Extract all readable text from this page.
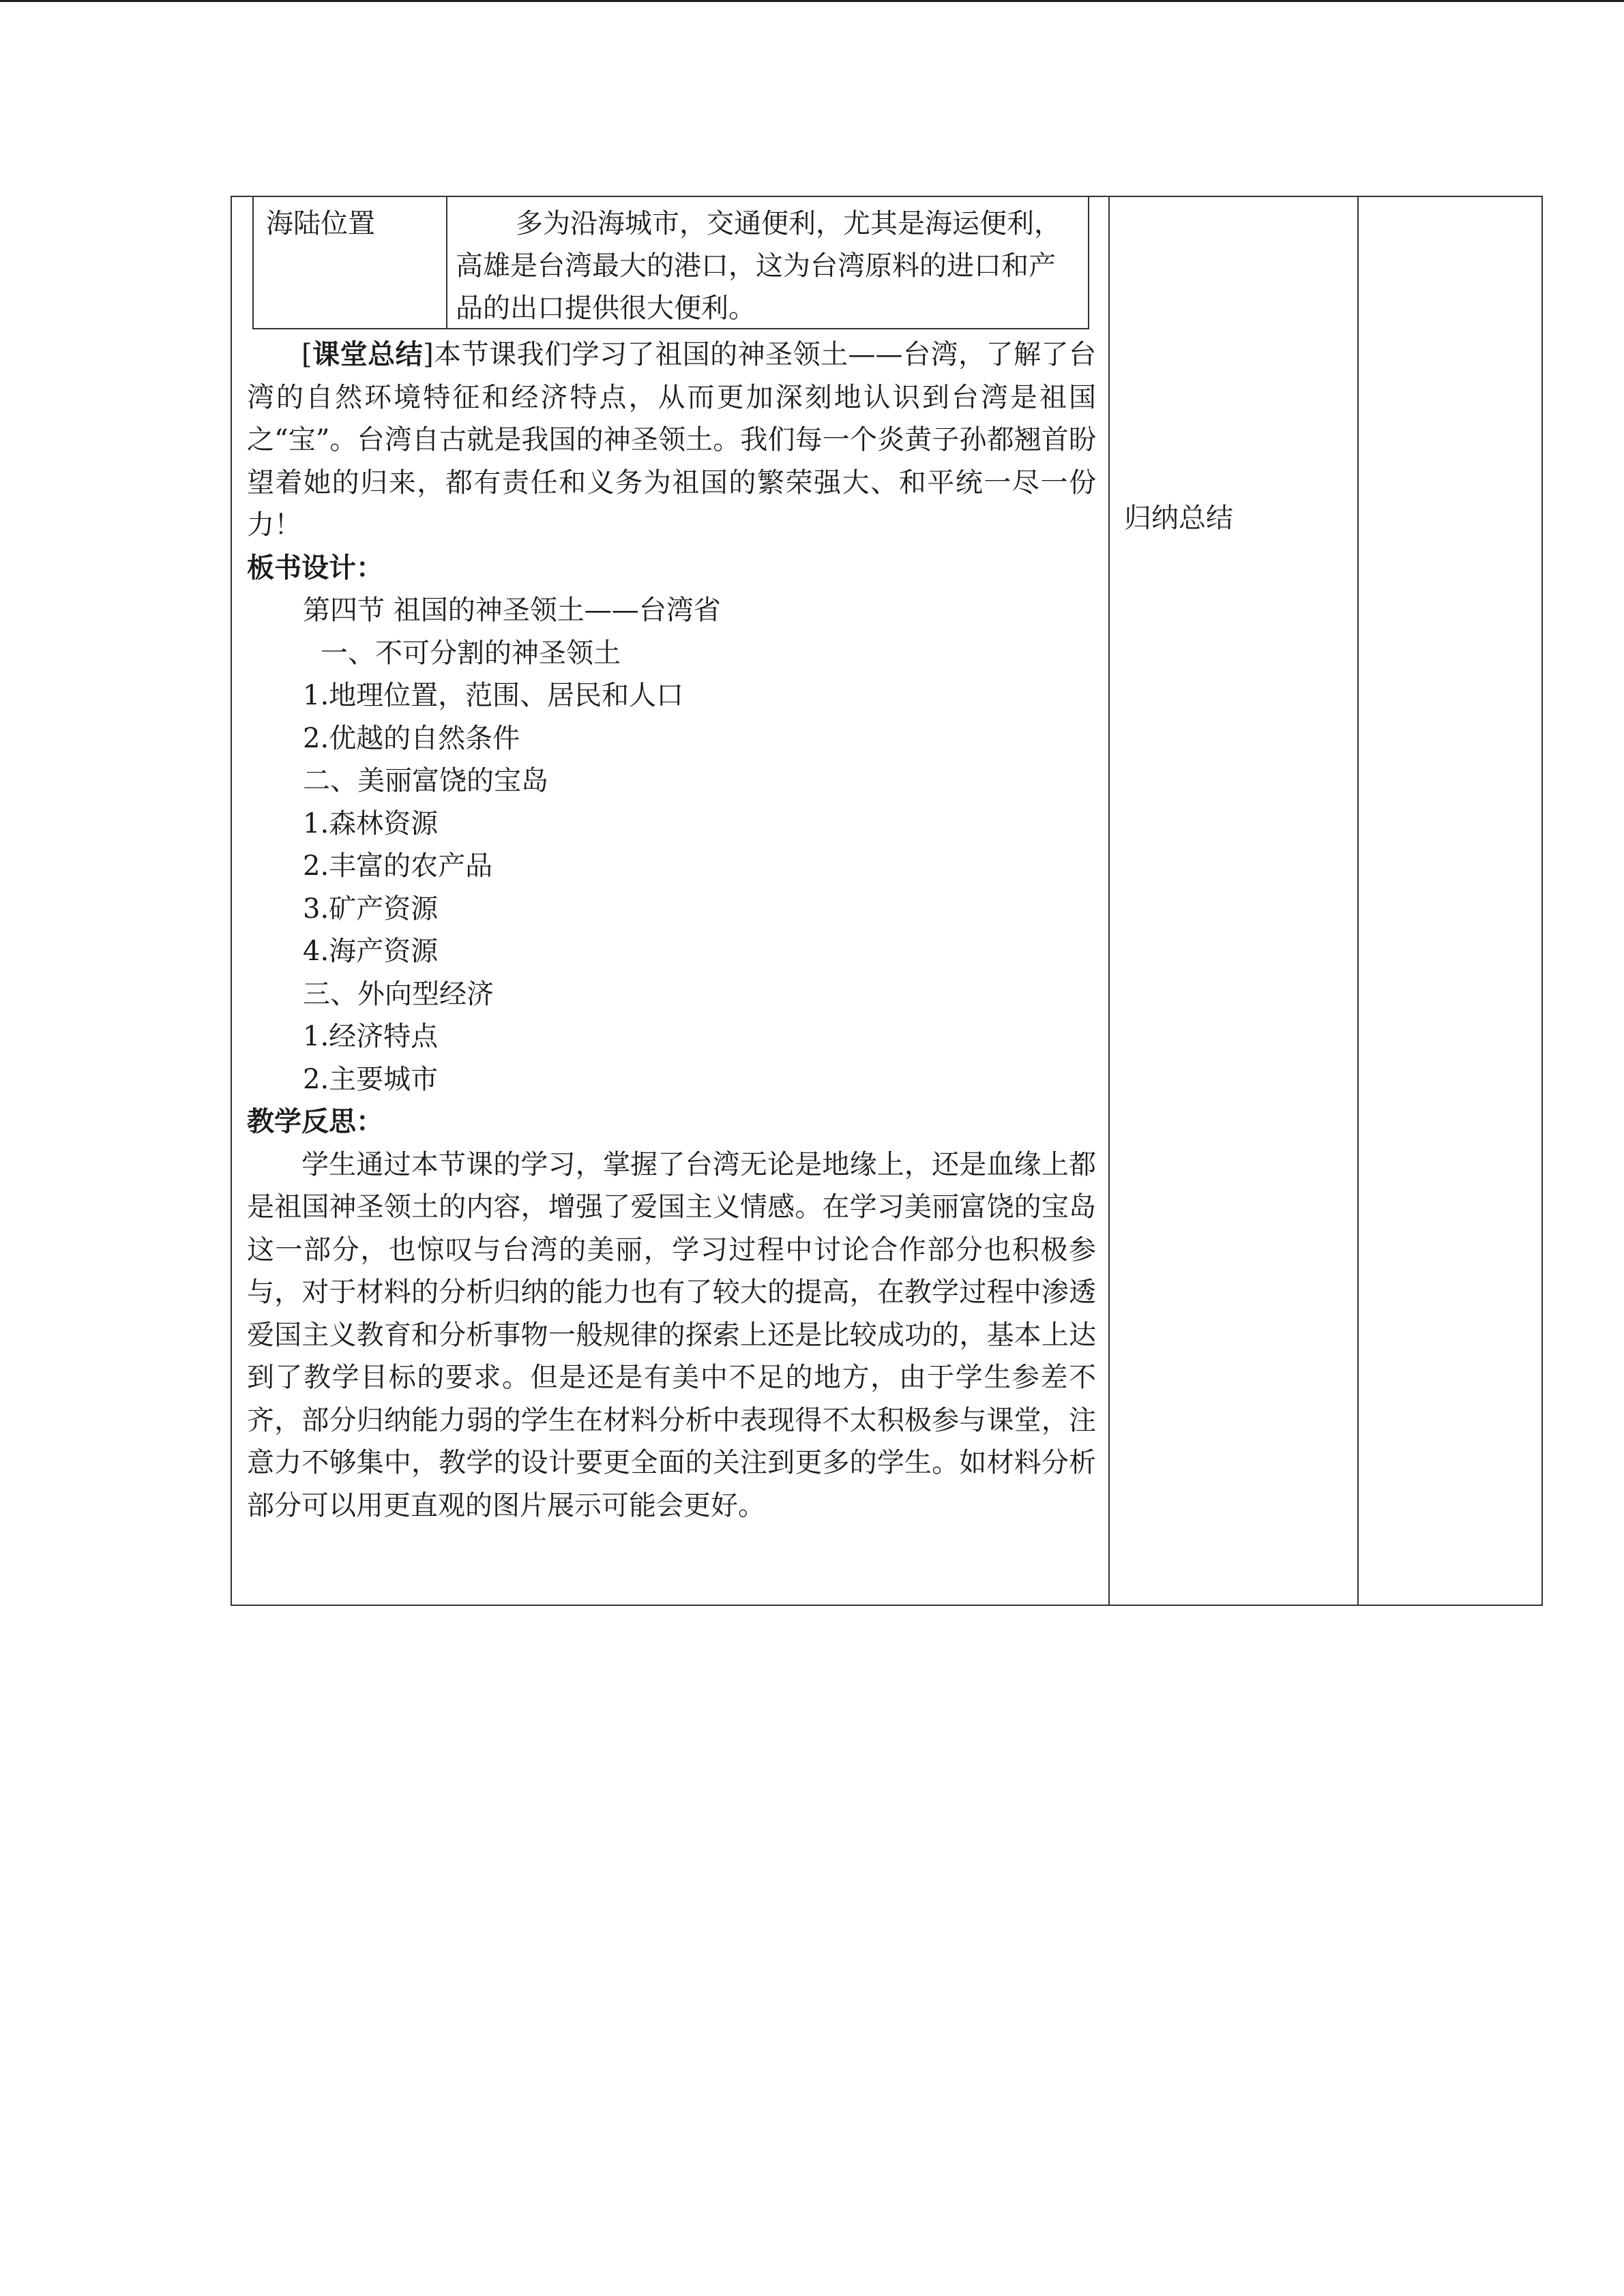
海陆位置	多为沿海城市，交通便利，尤其是海运便利，高雄是台湾最大的港口，这为台湾原料的进口和产品的出口提供很大便利。

[课堂总结]本节课我们学习了祖国的神圣领土——台湾，了解了台湾的自然环境特征和经济特点，从而更加深刻地认识到台湾是祖国之“宝”。台湾自古就是我国的神圣领土。我们每一个炎黄子孙都翘首盼望着她的归来，都有责任和义务为祖国的繁荣强大、和平统一尽一份力！

板书设计：

第四节 祖国的神圣领土——台湾省

一、不可分割的神圣领土

1.地理位置，范围、居民和人口

2.优越的自然条件

二、美丽富饶的宝岛

1.森林资源

2.丰富的农产品

3.矿产资源

4.海产资源

三、外向型经济

1.经济特点

2.主要城市

教学反思：

学生通过本节课的学习，掌握了台湾无论是地缘上，还是血缘上都是祖国神圣领土的内容，增强了爱国主义情感。在学习美丽富饶的宝岛这一部分，也惊叹与台湾的美丽，学习过程中讨论合作部分也积极参与，对于材料的分析归纳的能力也有了较大的提高，在教学过程中渗透爱国主义教育和分析事物一般规律的探索上还是比较成功的，基本上达到了教学目标的要求。但是还是有美中不足的地方，由于学生参差不齐，部分归纳能力弱的学生在材料分析中表现得不太积极参与课堂，注意力不够集中，教学的设计要更全面的关注到更多的学生。如材料分析部分可以用更直观的图片展示可能会更好。

归纳总结
